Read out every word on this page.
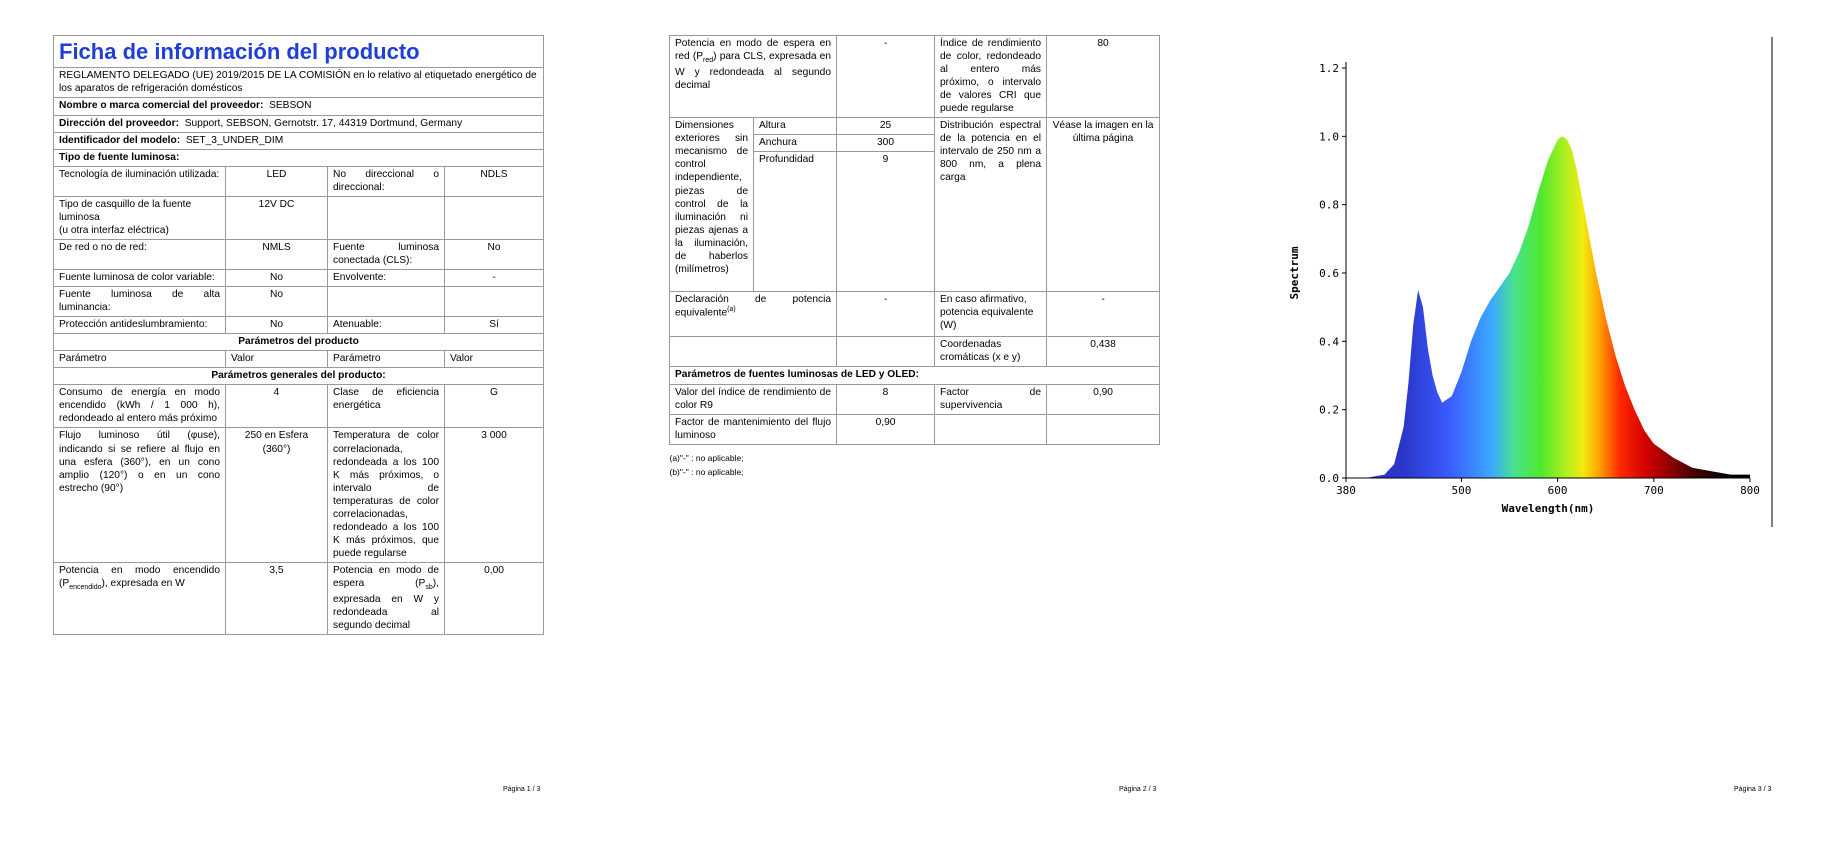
Ficha de información del producto			
REGLAMENTO DELEGADO (UE) 2019/2015 DE LA COMISIÓN en lo relativo al etiquetado energético de los aparatos de refrigeración domésticos			
Nombre o marca comercial del proveedor: SEBSON			
Dirección del proveedor: Support, SEBSON, Gernotstr. 17, 44319 Dortmund, Germany			
Identificador del modelo: SET_3_UNDER_DIM			
Tipo de fuente luminosa:			
Tecnología de iluminación utilizada:	LED	No direccional o direccional:	NDLS

Tipo de casquillo de la fuente luminosa
(u otra interfaz eléctrica)	12V DC		
De red o no de red:	NMLS	Fuente luminosa conectada (CLS):	No
Fuente luminosa de color variable:	No	Envolvente:	-
Fuente luminosa de alta luminancia:	No		
Protección antideslumbramiento:	No	Atenuable:	Sí
Parámetros del producto			
Parámetro	Valor	Parámetro	Valor
Parámetros generales del producto:			
Consumo de energía en modo encendido (kWh / 1 000 h), redondeado al entero más próximo	4	Clase de eficiencia energética	G
Flujo luminoso útil (φuse), indicando si se refiere al flujo en una esfera (360°), en un cono amplio (120°) o en un cono estrecho (90°)	250 en Esfera (360°)	Temperatura de color correlacionada, redondeada a los 100 K más próximos, o intervalo de temperaturas de color correlacionadas, redondeado a los 100 K más próximos, que puede regularse	3 000
Potencia en modo encendido $(P_{encendido})$, expresada en W	3,5	Potencia en modo de espera $(P_{sb})$, expresada en W y redondeada al segundo decimal	0,00
Página 1 / 3
Potencia en modo de espera en red $(P_{red})$ para CLS, expresada en W y redondeada al segundo decimal		-	Índice de rendimiento de color, redondeado al entero más próximo, o intervalo de valores CRI que puede regularse	80
Dimensiones exteriores sin mecanismo de control independiente, piezas de control de la iluminación ni piezas ajenas a la iluminación, de haberlos (milímetros)	Altura	25	Distribución espectral de la potencia en el intervalo de 250 nm a 800 nm, a plena carga	Véase la imagen en la última página
	Anchura	300		
	Profundidad	9		
Declaración de potencia equivalente$^{(a)}$		-	En caso afirmativo, potencia equivalente (W)	-
			Coordenadas cromáticas (x e y)	0,438
Parámetros de fuentes luminosas de LED y OLED:				
Valor del índice de rendimiento de color R9		8	Factor de supervivencia	0,90
Factor de mantenimiento del flujo luminoso		0,90		

(a)"-" : no aplicable;
(b)"-" : no aplicable;				
Página 2 / 3
0.0
0.2
0.4
0.6
0.8
1.0
1.2
380	500	600	700	800
Wavelength(nm)
Spectrum
Página 3 / 3
